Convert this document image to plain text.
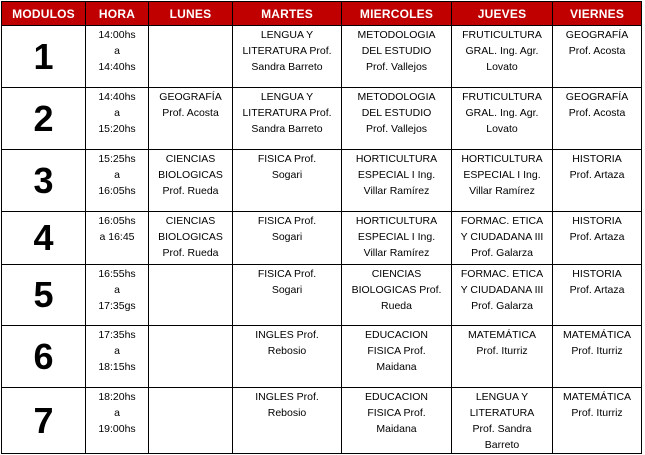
MODULOS	HORA	LUNES	MARTES	MIERCOLES	JUEVES	VIERNES
1	14:00hs
a
14:40hs		LENGUA Y
LITERATURA Prof.
Sandra Barreto	METODOLOGIA
DEL ESTUDIO
Prof. Vallejos	FRUTICULTURA
GRAL. Ing. Agr.
Lovato	GEOGRAFÍA
Prof. Acosta
2	14:40hs
a
15:20hs	GEOGRAFÍA
Prof. Acosta	LENGUA Y
LITERATURA Prof.
Sandra Barreto	METODOLOGIA
DEL ESTUDIO
Prof. Vallejos	FRUTICULTURA
GRAL. Ing. Agr.
Lovato	GEOGRAFÍA
Prof. Acosta
3	15:25hs
a
16:05hs	CIENCIAS
BIOLOGICAS
Prof. Rueda	FISICA Prof.
Sogari	HORTICULTURA
ESPECIAL I Ing.
Villar Ramírez	HORTICULTURA
ESPECIAL I Ing.
Villar Ramírez	HISTORIA
Prof. Artaza
4	16:05hs
a 16:45	CIENCIAS
BIOLOGICAS
Prof. Rueda	FISICA Prof.
Sogari	HORTICULTURA
ESPECIAL I Ing.
Villar Ramírez	FORMAC. ETICA
Y CIUDADANA III
Prof. Galarza	HISTORIA
Prof. Artaza
5	16:55hs
a
17:35gs		FISICA Prof.
Sogari	CIENCIAS
BIOLOGICAS Prof.
Rueda	FORMAC. ETICA
Y CIUDADANA III
Prof. Galarza	HISTORIA
Prof. Artaza
6	17:35hs
a
18:15hs		INGLES Prof.
Rebosio	EDUCACION
FISICA Prof.
Maidana	MATEMÁTICA
Prof. Iturriz	MATEMÁTICA
Prof. Iturriz
7	18:20hs
a
19:00hs		INGLES Prof.
Rebosio	EDUCACION
FISICA Prof.
Maidana	LENGUA Y
LITERATURA
Prof. Sandra
Barreto	MATEMÁTICA
Prof. Iturriz
